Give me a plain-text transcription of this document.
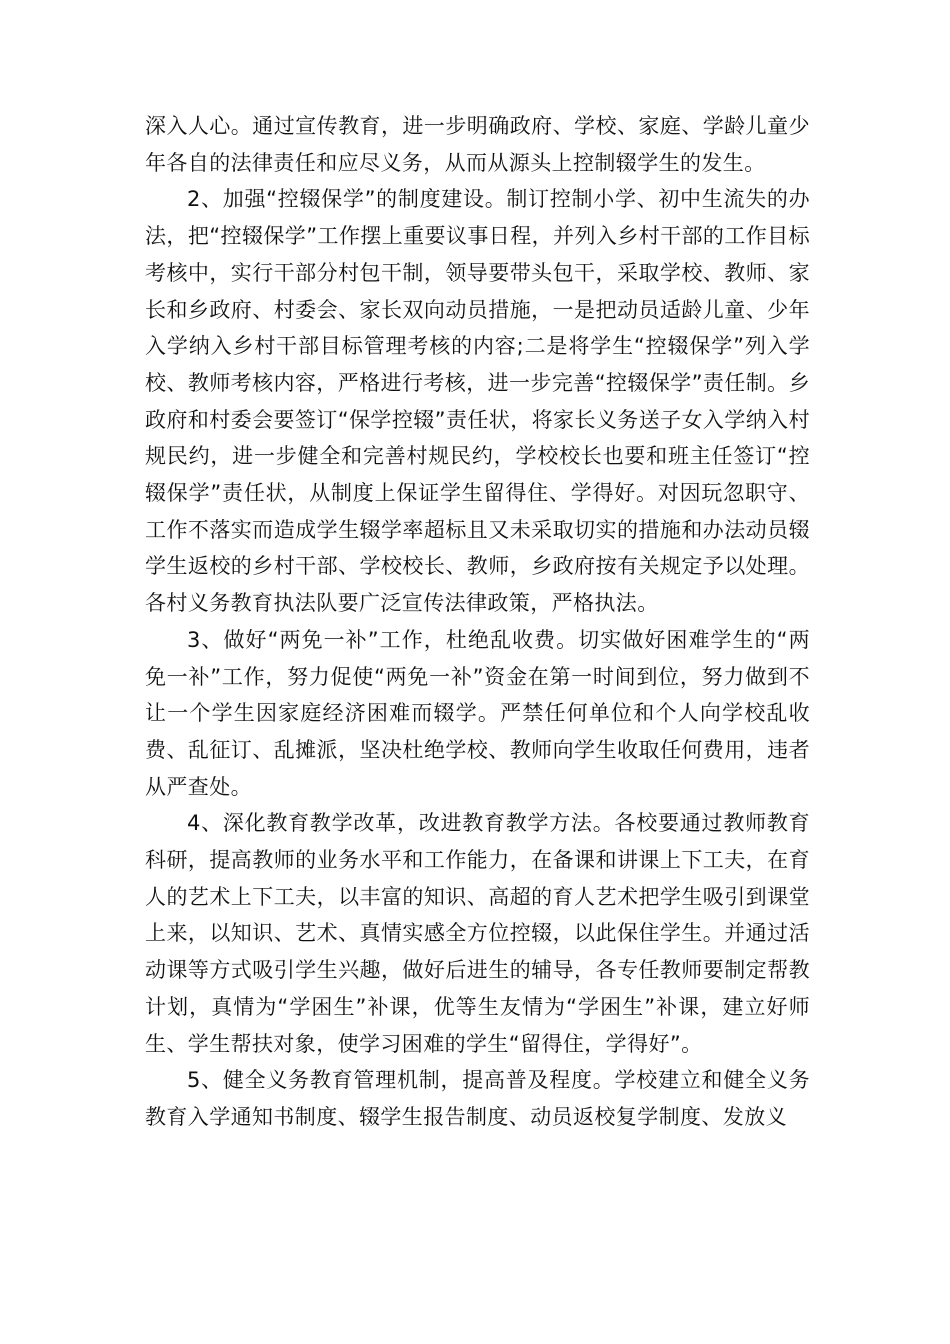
深入人心。通过宣传教育，进一步明确政府、学校、家庭、学龄儿童少年各自的法律责任和应尽义务，从而从源头上控制辍学生的发生。

2、加强“控辍保学”的制度建设。制订控制小学、初中生流失的办法，把“控辍保学”工作摆上重要议事日程，并列入乡村干部的工作目标考核中，实行干部分村包干制，领导要带头包干，采取学校、教师、家长和乡政府、村委会、家长双向动员措施，一是把动员适龄儿童、少年入学纳入乡村干部目标管理考核的内容;二是将学生“控辍保学”列入学校、教师考核内容，严格进行考核，进一步完善“控辍保学”责任制。乡政府和村委会要签订“保学控辍”责任状，将家长义务送子女入学纳入村规民约，进一步健全和完善村规民约，学校校长也要和班主任签订“控辍保学”责任状，从制度上保证学生留得住、学得好。对因玩忽职守、工作不落实而造成学生辍学率超标且又未采取切实的措施和办法动员辍学生返校的乡村干部、学校校长、教师，乡政府按有关规定予以处理。各村义务教育执法队要广泛宣传法律政策，严格执法。

3、做好“两免一补”工作，杜绝乱收费。切实做好困难学生的“两免一补”工作，努力促使“两免一补”资金在第一时间到位，努力做到不让一个学生因家庭经济困难而辍学。严禁任何单位和个人向学校乱收费、乱征订、乱摊派，坚决杜绝学校、教师向学生收取任何费用，违者从严查处。

4、深化教育教学改革，改进教育教学方法。各校要通过教师教育科研，提高教师的业务水平和工作能力，在备课和讲课上下工夫，在育人的艺术上下工夫，以丰富的知识、高超的育人艺术把学生吸引到课堂上来，以知识、艺术、真情实感全方位控辍，以此保住学生。并通过活动课等方式吸引学生兴趣，做好后进生的辅导，各专任教师要制定帮教计划，真情为“学困生”补课，优等生友情为“学困生”补课，建立好师生、学生帮扶对象，使学习困难的学生“留得住，学得好”。

5、健全义务教育管理机制，提高普及程度。学校建立和健全义务教育入学通知书制度、辍学生报告制度、动员返校复学制度、发放义
